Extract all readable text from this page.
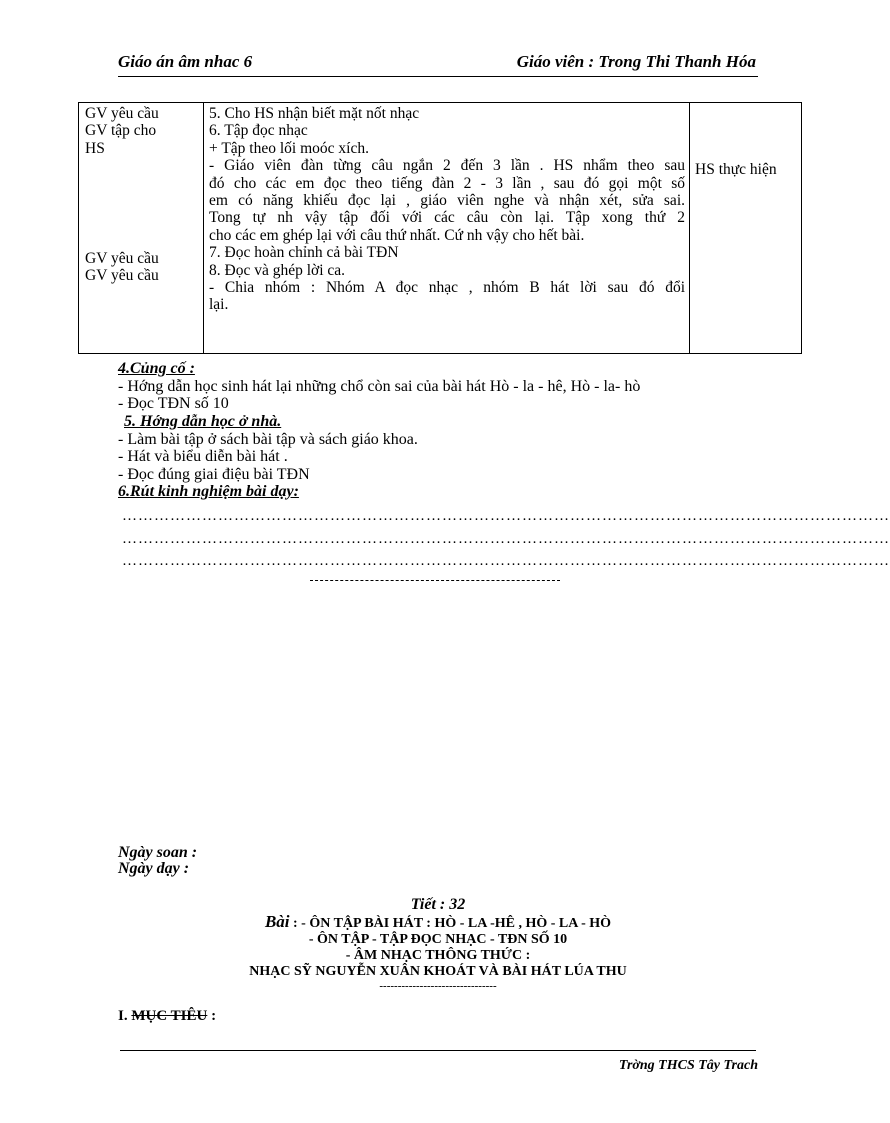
Giáo án âm nhac 6	Giáo viên : Trong Thi Thanh Hóa
GV yêu cầu
GV tập cho
HS
GV yêu cầu
GV yêu cầu
5. Cho HS nhận biết mặt nốt nhạc
6. Tập đọc nhạc
+ Tập theo lối moóc xích.
- Giáo viên đàn từng câu ngắn 2 đến 3 lần . HS nhẩm theo sau
đó cho các em đọc theo tiếng đàn 2 - 3 lần , sau đó gọi một số
em có năng khiếu đọc lại , giáo viên nghe và nhận xét, sửa sai.
Tong tự nh vậy tập đối với các câu còn lại. Tập xong thứ 2
cho các em ghép lại với câu thứ nhất. Cứ nh vậy cho hết bài.
7. Đọc hoàn chỉnh cả bài TĐN
8. Đọc và ghép lời ca.
- Chia nhóm : Nhóm A đọc nhạc , nhóm B hát lời sau đó đổi
lại.
HS thực hiện
4.Củng cố :
- Hớng dẫn học sinh hát lại những chổ còn sai của bài hát Hò - la - hê, Hò - la- hò
- Đọc TĐN số 10
5. Hớng dẫn học ở nhà.
- Làm bài tập ở sách bài tập và sách giáo khoa.
- Hát và biểu diễn bài hát .
- Đọc đúng giai điệu bài TĐN
6.Rút kinh nghiệm bài dạy:
………………………………………………………………………………………………………………………………
………………………………………………………………………………………………………………………………
………………………………………………………………………………………………………………………………
Ngày soan :
Ngày dạy :
Tiết : 32
Bài : - ÔN TẬP BÀI HÁT : HÒ - LA -HÊ , HÒ - LA - HÒ
- ÔN TẬP - TẬP ĐỌC NHẠC - TĐN SỐ 10
- ÂM NHẠC THÔNG THỨC :
NHẠC SỸ NGUYỄN XUÂN KHOÁT VÀ BÀI HÁT LÚA THU
--------------------------------
I. MỤC TIÊU :
Trờng THCS Tây Trach
